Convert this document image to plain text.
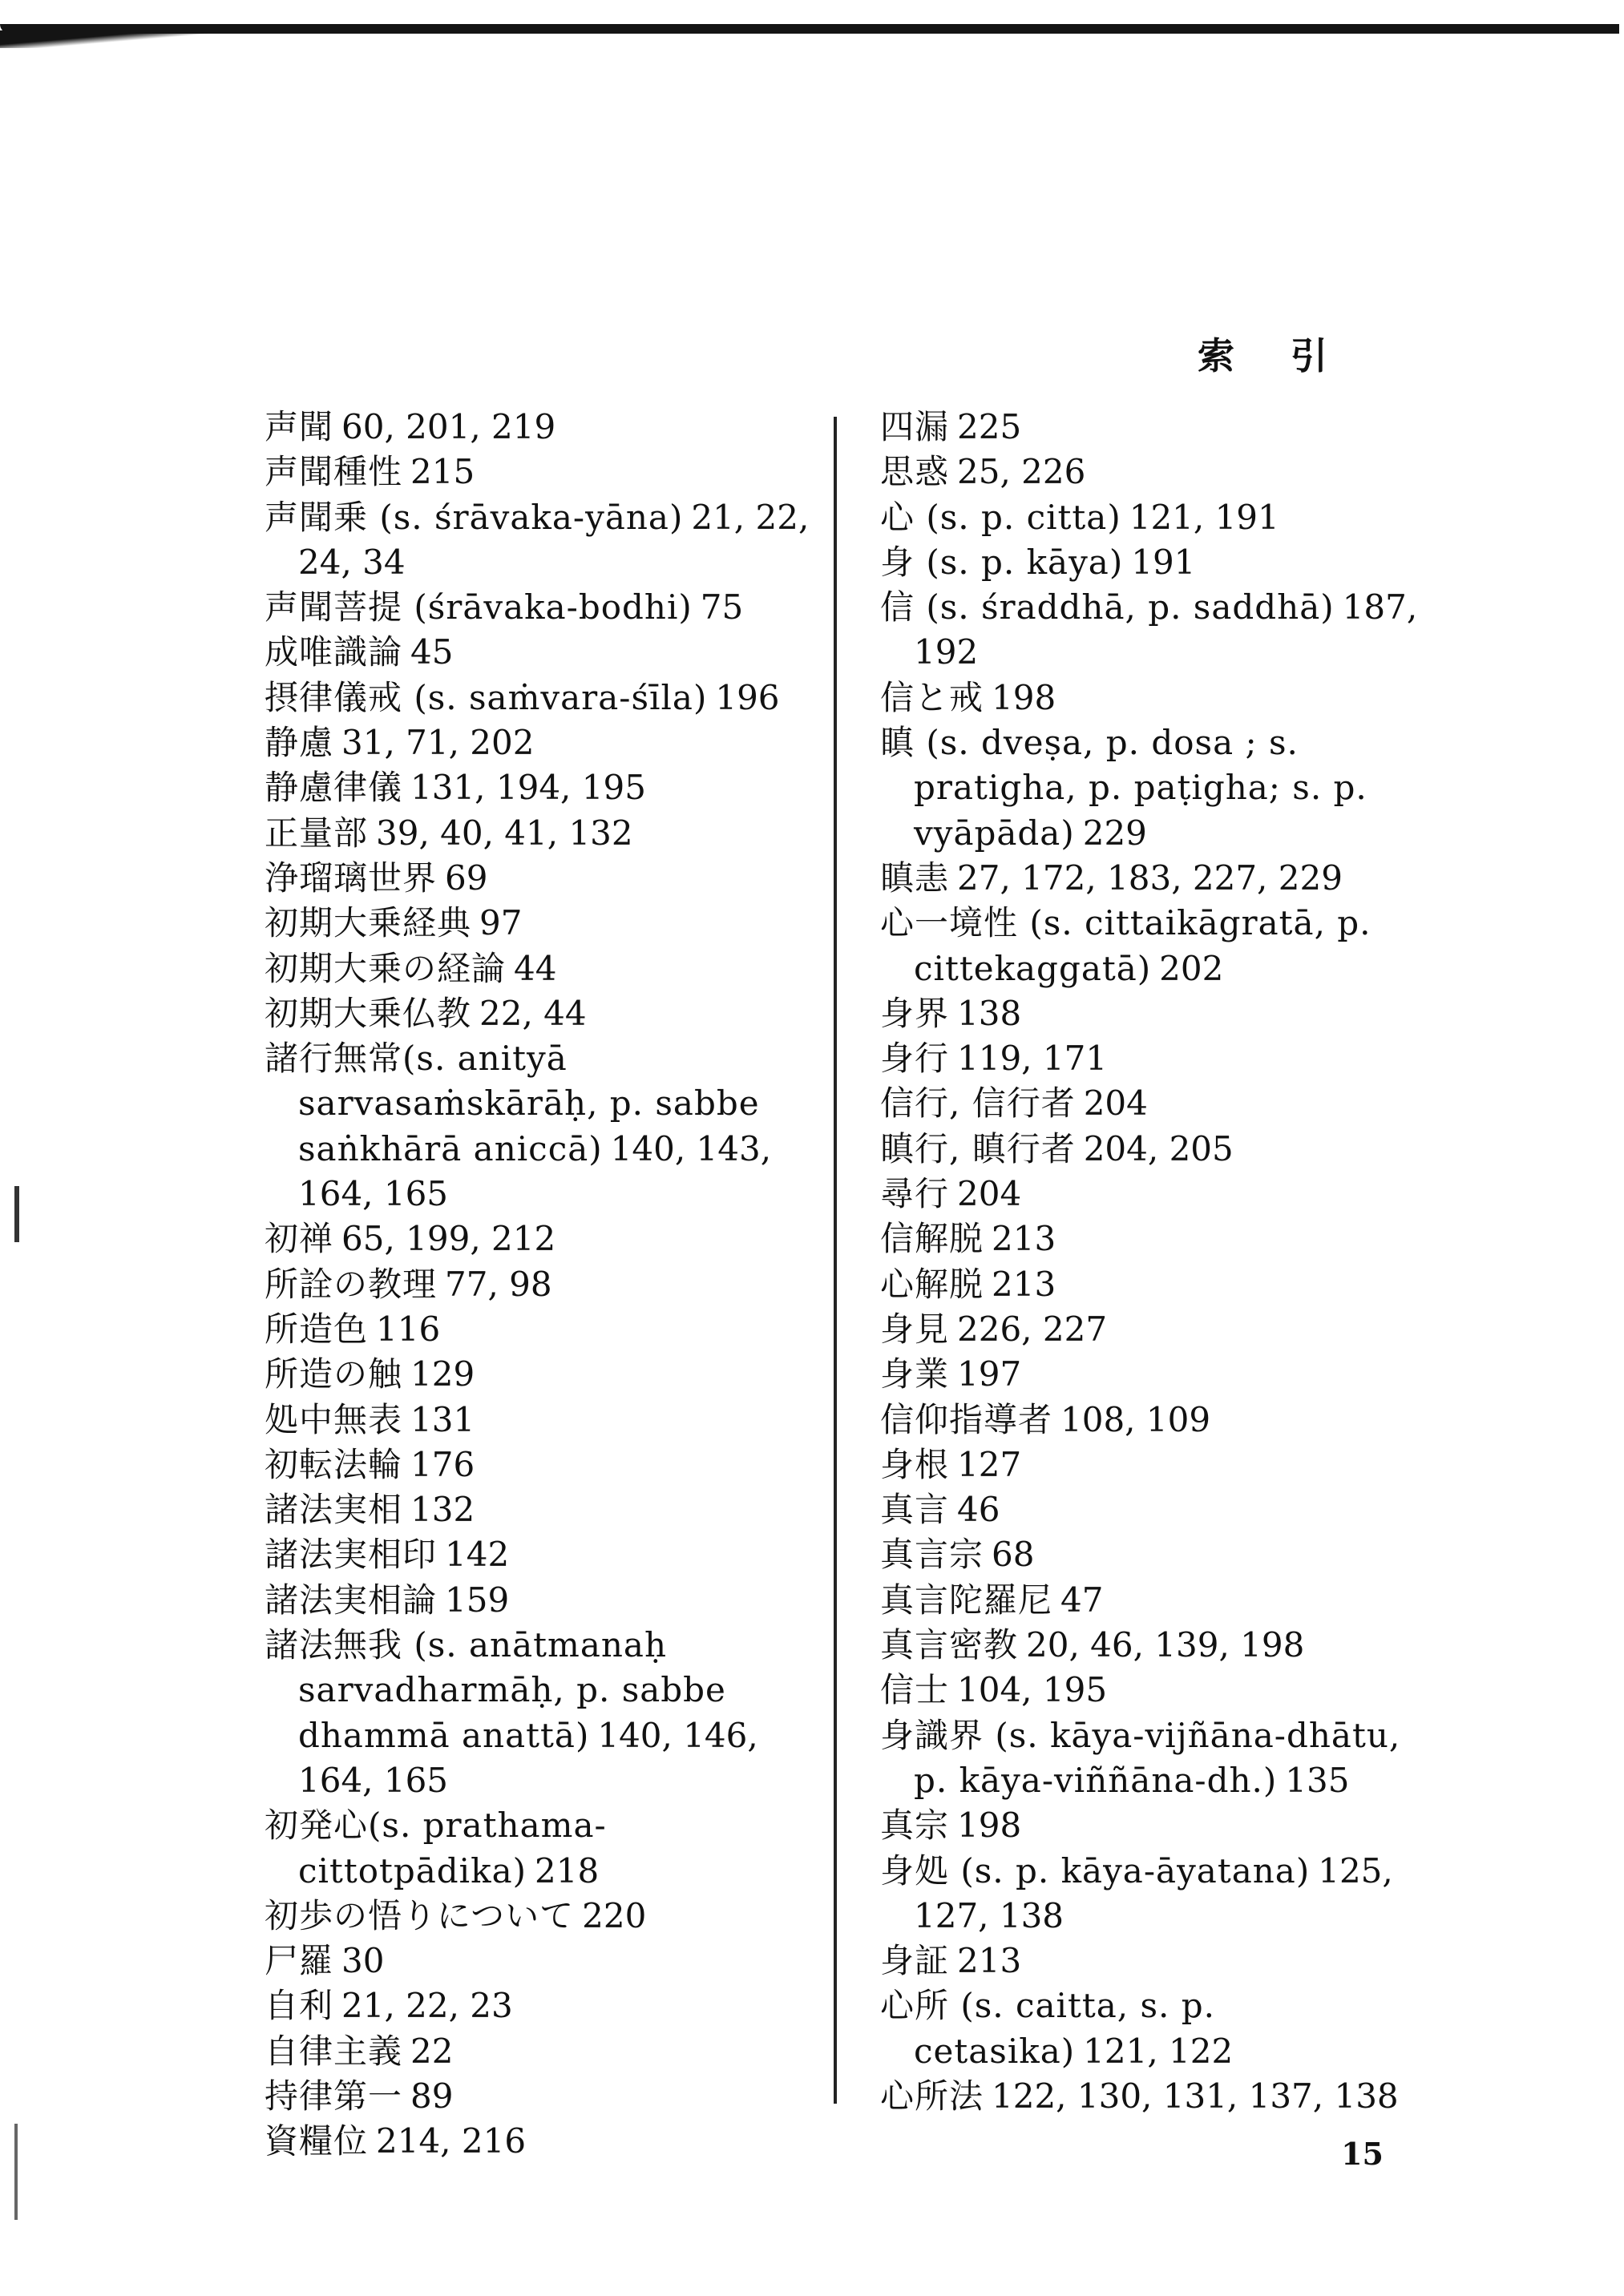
索引
声聞 60, 201, 219
声聞種性 215
声聞乗 (s. śrāvaka-yāna) 21, 22, 24, 34
声聞菩提 (śrāvaka-bodhi) 75
成唯識論 45
摂律儀戒 (s. saṁvara-śīla) 196
静慮 31, 71, 202
静慮律儀 131, 194, 195
正量部 39, 40, 41, 132
浄瑠璃世界 69
初期大乗経典 97
初期大乗の経論 44
初期大乗仏教 22, 44
諸行無常(s. anityā sarvasaṁskārāḥ, p. sabbe saṅkhārā aniccā) 140, 143, 164, 165
初禅 65, 199, 212
所詮の教理 77, 98
所造色 116
所造の触 129
処中無表 131
初転法輪 176
諸法実相 132
諸法実相印 142
諸法実相論 159
諸法無我 (s. anātmanaḥ sarvadharmāḥ, p. sabbe dhammā anattā) 140, 146, 164, 165
初発心(s. prathama-cittotpādika) 218
初歩の悟りについて 220
尸羅 30
自利 21, 22, 23
自律主義 22
持律第一 89
資糧位 214, 216
四漏 225
思惑 25, 226
心 (s. p. citta) 121, 191
身 (s. p. kāya) 191
信 (s. śraddhā, p. saddhā) 187, 192
信と戒 198
瞋 (s. dveṣa, p. dosa ; s. pratigha, p. paṭigha; s. p. vyāpāda) 229
瞋恚 27, 172, 183, 227, 229
心一境性 (s. cittaikāgratā, p. cittekaggatā) 202
身界 138
身行 119, 171
信行, 信行者 204
瞋行, 瞋行者 204, 205
尋行 204
信解脱 213
心解脱 213
身見 226, 227
身業 197
信仰指導者 108, 109
身根 127
真言 46
真言宗 68
真言陀羅尼 47
真言密教 20, 46, 139, 198
信士 104, 195
身識界 (s. kāya-vijñāna-dhātu, p. kāya-viññāna-dh.) 135
真宗 198
身処 (s. p. kāya-āyatana) 125, 127, 138
身証 213
心所 (s. caitta, s. p. cetasika) 121, 122
心所法 122, 130, 131, 137, 138
15
